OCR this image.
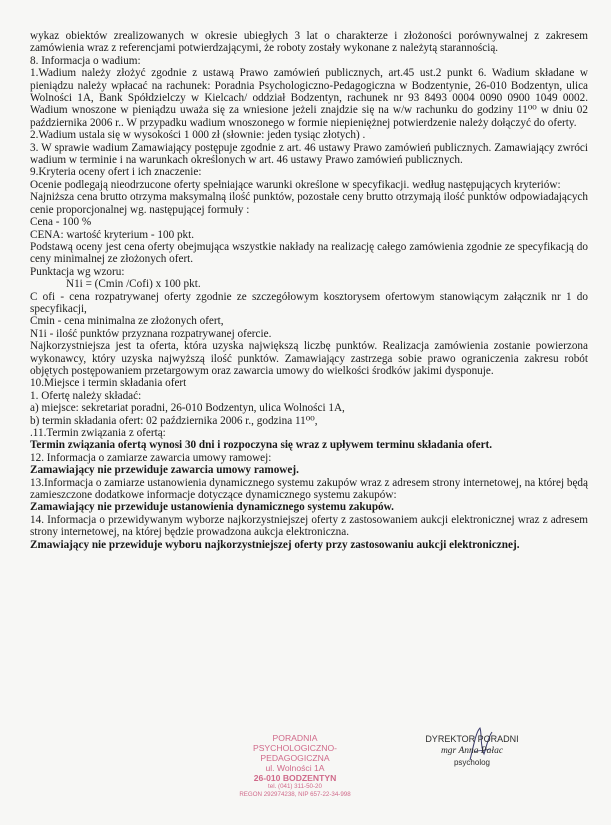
wykaz obiektów zrealizowanych w okresie ubiegłych 3 lat o charakterze i złożoności porównywalnej z zakresem zamówienia wraz z referencjami potwierdzającymi, że roboty zostały wykonane z należytą starannością.

8. Informacja o wadium:

1.Wadium należy złożyć zgodnie z ustawą Prawo zamówień publicznych, art.45 ust.2 punkt 6. Wadium składane w pieniądzu należy wpłacać na rachunek: Poradnia Psychologiczno-Pedagogiczna w Bodzentynie, 26-010 Bodzentyn, ulica Wolności 1A, Bank Spółdzielczy w Kielcach/ oddział Bodzentyn, rachunek nr 93 8493 0004 0090 0900 1049 0002. Wadium wnoszone w pieniądzu uważa się za wniesione jeżeli znajdzie się na w/w rachunku do godziny 11⁰⁰ w dniu 02 października 2006 r.. W przypadku wadium wnoszonego w formie niepieniężnej potwierdzenie należy dołączyć do oferty.

2.Wadium ustala się w wysokości 1 000 zł (słownie: jeden tysiąc złotych) .

3. W sprawie wadium Zamawiający postępuje zgodnie z art. 46 ustawy Prawo zamówień publicznych. Zamawiający zwróci wadium w terminie i na warunkach określonych w art. 46 ustawy Prawo zamówień publicznych.

9.Kryteria oceny ofert i ich znaczenie:

Ocenie podlegają nieodrzucone oferty spełniające warunki określone w specyfikacji. według następujących kryteriów:

Najniższa cena brutto otrzyma maksymalną ilość punktów, pozostałe ceny brutto otrzymają ilość punktów odpowiadających cenie proporcjonalnej wg. następującej formuły :

Cena - 100 %

CENA: wartość kryterium - 100 pkt.

Podstawą oceny jest cena oferty obejmująca wszystkie nakłady na realizację całego zamówienia zgodnie ze specyfikacją do ceny minimalnej ze złożonych ofert.

Punktacja wg wzoru:

N1i = (Cmin /Cofi) x 100 pkt.

C ofi - cena rozpatrywanej oferty zgodnie ze szczegółowym kosztorysem ofertowym stanowiącym załącznik nr 1 do specyfikacji,

Cmin - cena minimalna ze złożonych ofert,

N1i - ilość punktów przyznana rozpatrywanej ofercie.

Najkorzystniejsza jest ta oferta, która uzyska największą liczbę punktów. Realizacja zamówienia zostanie powierzona wykonawcy, który uzyska najwyższą ilość punktów. Zamawiający zastrzega sobie prawo ograniczenia zakresu robót objętych postępowaniem przetargowym oraz zawarcia umowy do wielkości środków jakimi dysponuje.

10.Miejsce i termin składania ofert

1. Ofertę należy składać:

a) miejsce: sekretariat poradni, 26-010 Bodzentyn, ulica Wolności 1A,

b) termin składania ofert: 02 października 2006 r., godzina 11⁰⁰,

.11.Termin związania z ofertą:

Termin związania ofertą wynosi 30 dni i rozpoczyna się wraz z upływem terminu składania ofert.

12. Informacja o zamiarze zawarcia umowy ramowej:

Zamawiający nie przewiduje zawarcia umowy ramowej.

13.Informacja o zamiarze ustanowienia dynamicznego systemu zakupów wraz z adresem strony internetowej, na której będą zamieszczone dodatkowe informacje dotyczące dynamicznego systemu zakupów:

Zamawiający nie przewiduje ustanowienia dynamicznego systemu zakupów.

14. Informacja o przewidywanym wyborze najkorzystniejszej oferty z zastosowaniem aukcji elektronicznej wraz z adresem strony internetowej, na której będzie prowadzona aukcja elektroniczna.

Zmawiający nie przewiduje wyboru najkorzystniejszej oferty przy zastosowaniu aukcji elektronicznej.

PORADNIA
PSYCHOLOGICZNO-PEDAGOGICZNA
ul. Wolności 1A
26-010 BODZENTYN
tel. (041) 311-50-20
REGON 292974238, NIP 657-22-34-998
DYREKTOR PORADNI
mgr Anna Pałac
psycholog
